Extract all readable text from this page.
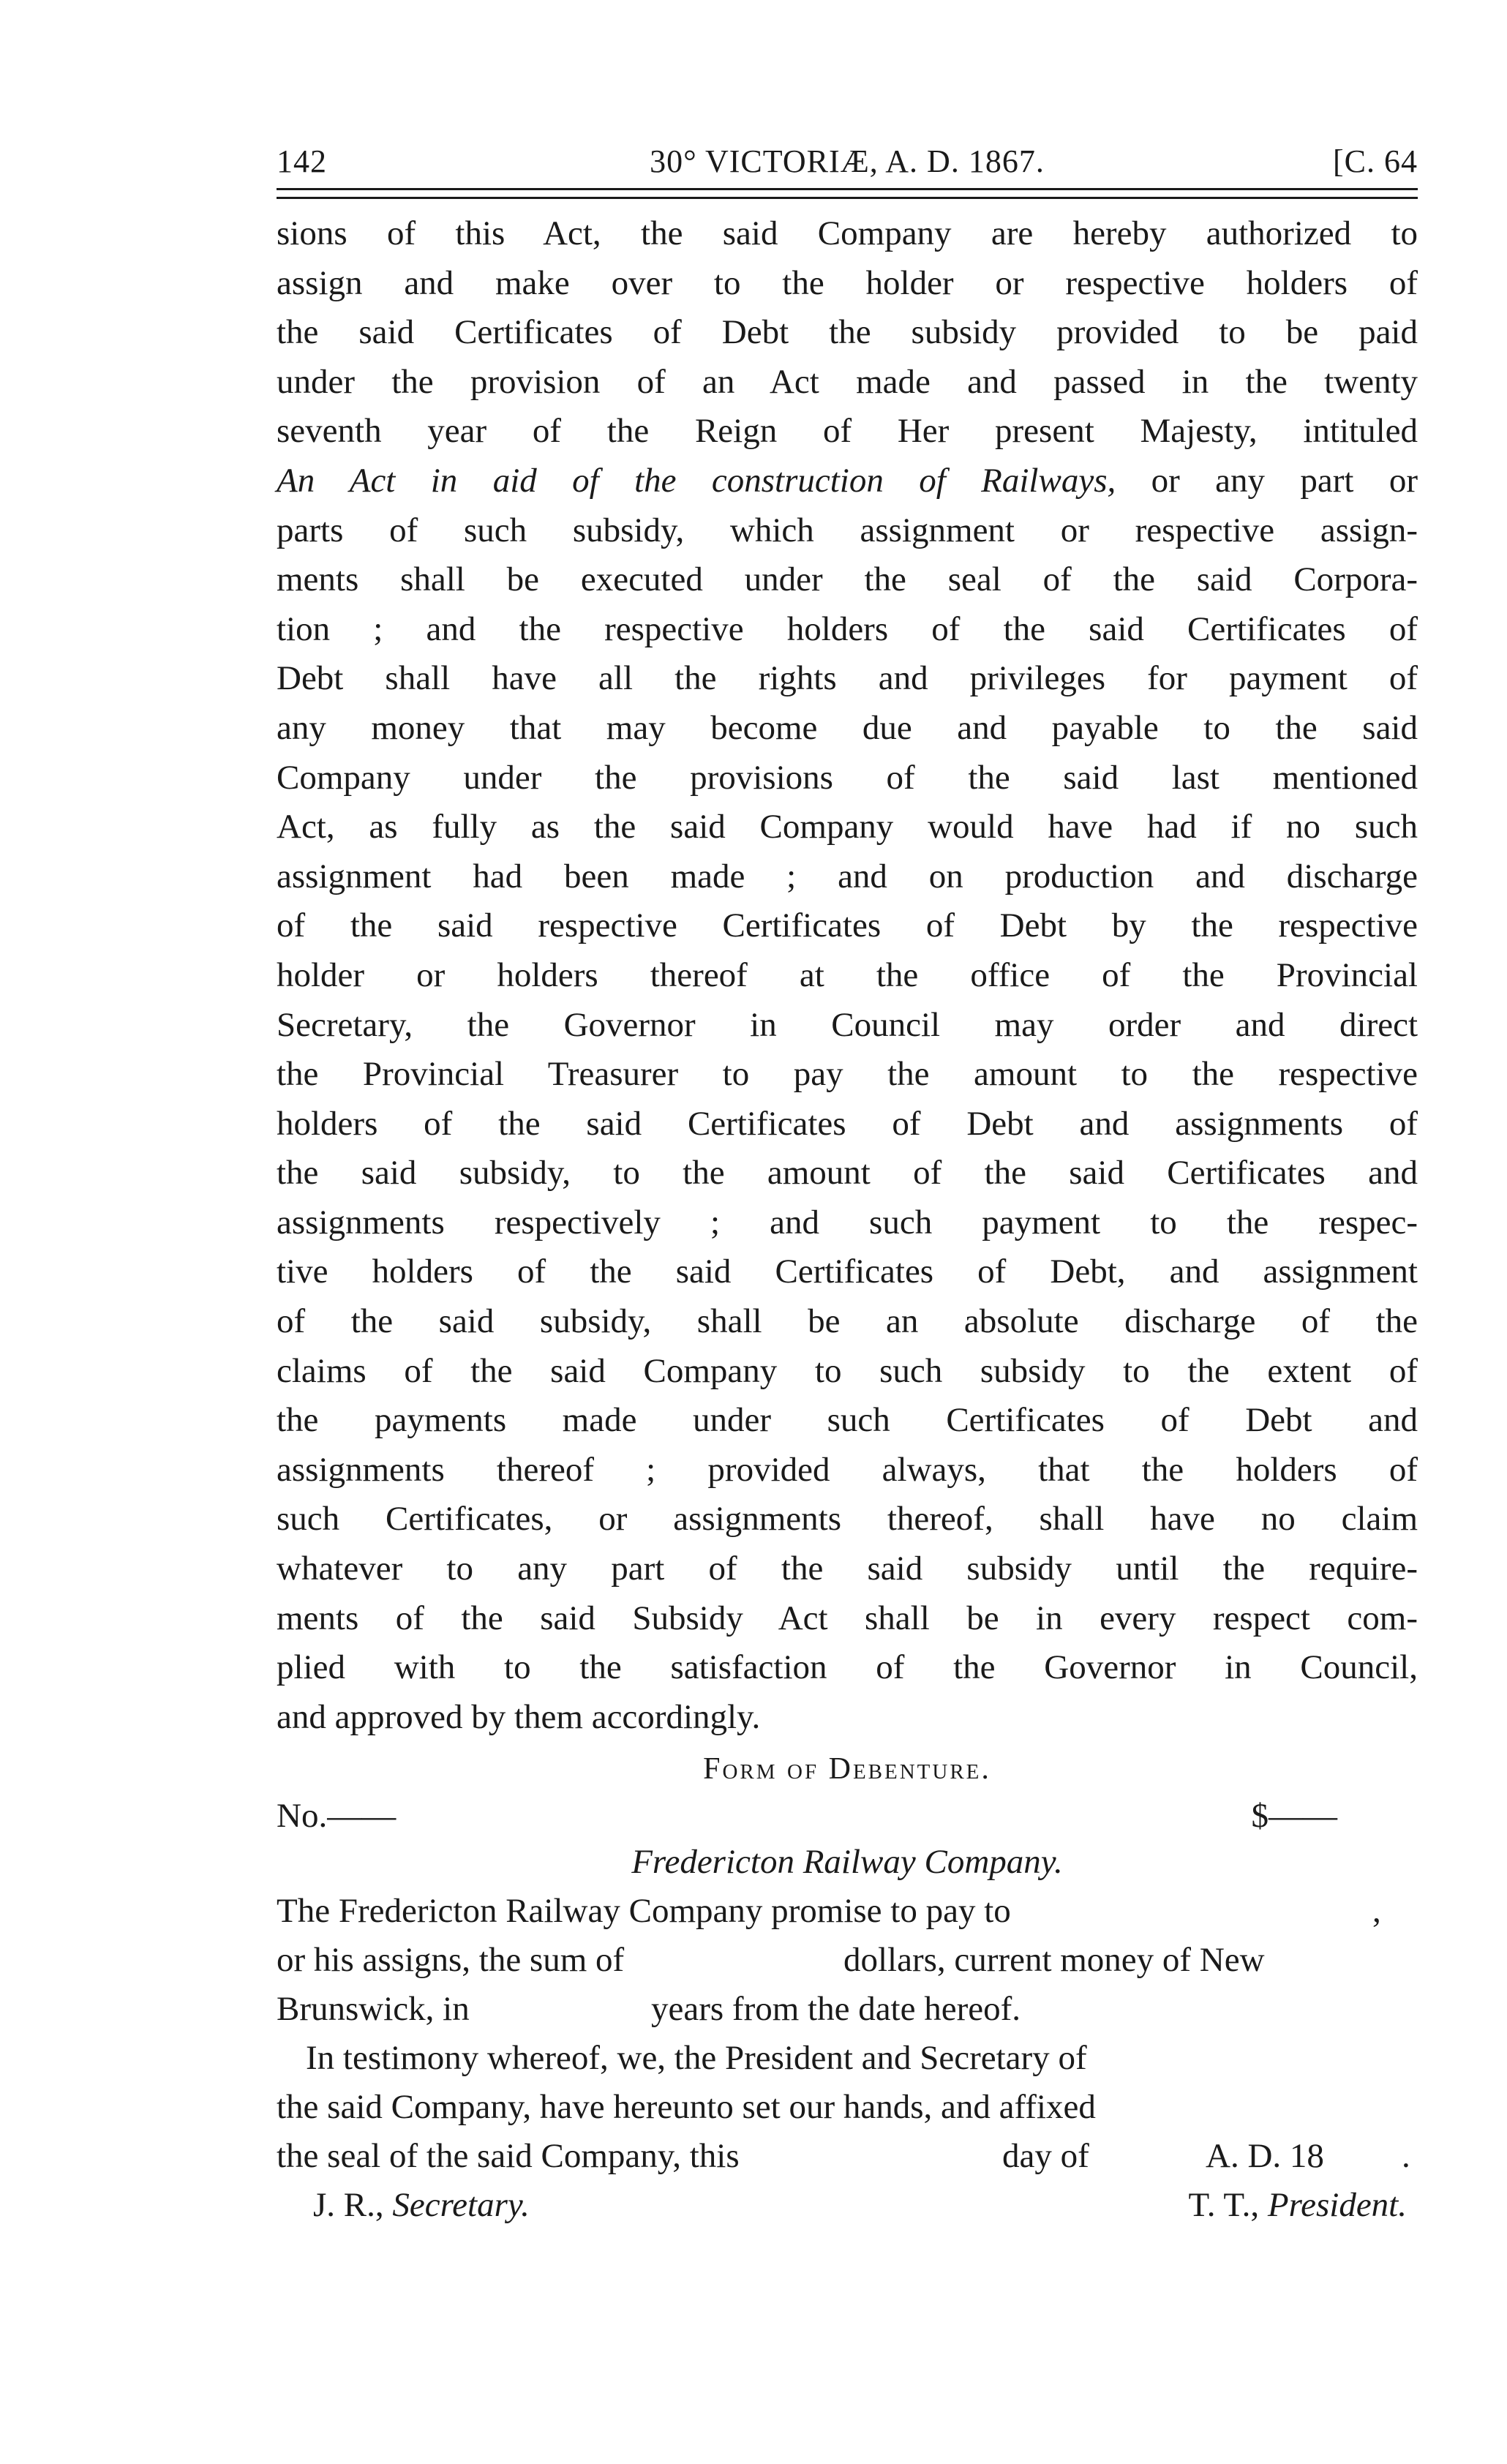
142	30° VICTORIÆ, A. D. 1867.	[C. 64
sions of this Act, the said Company are hereby authorized to
assign and make over to the holder or respective holders of
the said Certificates of Debt the subsidy provided to be paid
under the provision of an Act made and passed in the twenty
seventh year of the Reign of Her present Majesty, intituled
An Act in aid of the construction of Railways, or any part or
parts of such subsidy, which assignment or respective assign-
ments shall be executed under the seal of the said Corpora-
tion ; and the respective holders of the said Certificates of
Debt shall have all the rights and privileges for payment of
any money that may become due and payable to the said
Company under the provisions of the said last mentioned
Act, as fully as the said Company would have had if no such
assignment had been made ; and on production and discharge
of the said respective Certificates of Debt by the respective
holder or holders thereof at the office of the Provincial
Secretary, the Governor in Council may order and direct
the Provincial Treasurer to pay the amount to the respective
holders of the said Certificates of Debt and assignments of
the said subsidy, to the amount of the said Certificates and
assignments respectively ; and such payment to the respec-
tive holders of the said Certificates of Debt, and assignment
of the said subsidy, shall be an absolute discharge of the
claims of the said Company to such subsidy to the extent of
the payments made under such Certificates of Debt and
assignments thereof ; provided always, that the holders of
such Certificates, or assignments thereof, shall have no claim
whatever to any part of the said subsidy until the require-
ments of the said Subsidy Act shall be in every respect com-
plied with to the satisfaction of the Governor in Council,
and approved by them accordingly.
Form of Debenture.
No.——	$——
Fredericton Railway Company.
The Fredericton Railway Company promise to pay to	,
or his assigns, the sum of	dollars, current money of New
Brunswick, in	years from the date hereof.
In testimony whereof, we, the President and Secretary of
the said Company, have hereunto set our hands, and affixed
the seal of the said Company, this	day of	A. D. 18 .
J. R., Secretary.	T. T., President.
